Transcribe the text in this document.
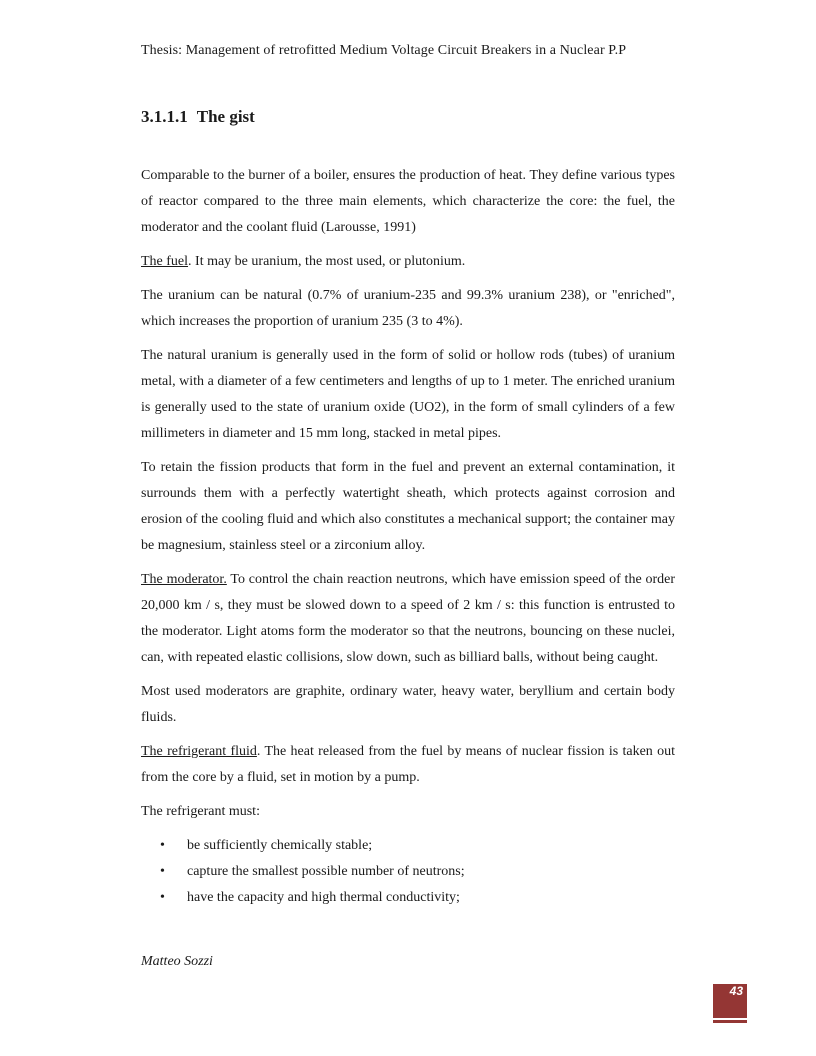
Thesis: Management of retrofitted Medium Voltage Circuit Breakers in a Nuclear P.P
3.1.1.1 The gist

Comparable to the burner of a boiler, ensures the production of heat. They define various types of reactor compared to the three main elements, which characterize the core: the fuel, the moderator and the coolant fluid (Larousse, 1991)

The fuel. It may be uranium, the most used, or plutonium.

The uranium can be natural (0.7% of uranium-235 and 99.3% uranium 238), or "enriched", which increases the proportion of uranium 235 (3 to 4%).

The natural uranium is generally used in the form of solid or hollow rods (tubes) of uranium metal, with a diameter of a few centimeters and lengths of up to 1 meter. The enriched uranium is generally used to the state of uranium oxide (UO2), in the form of small cylinders of a few millimeters in diameter and 15 mm long, stacked in metal pipes.

To retain the fission products that form in the fuel and prevent an external contamination, it surrounds them with a perfectly watertight sheath, which protects against corrosion and erosion of the cooling fluid and which also constitutes a mechanical support; the container may be magnesium, stainless steel or a zirconium alloy.

The moderator. To control the chain reaction neutrons, which have emission speed of the order 20,000 km / s, they must be slowed down to a speed of 2 km / s: this function is entrusted to the moderator. Light atoms form the moderator so that the neutrons, bouncing on these nuclei, can, with repeated elastic collisions, slow down, such as billiard balls, without being caught.

Most used moderators are graphite, ordinary water, heavy water, beryllium and certain body fluids.

The refrigerant fluid. The heat released from the fuel by means of nuclear fission is taken out from the core by a fluid, set in motion by a pump.

The refrigerant must:

• be sufficiently chemically stable;
• capture the smallest possible number of neutrons;
• have the capacity and high thermal conductivity;
Matteo Sozzi
43
